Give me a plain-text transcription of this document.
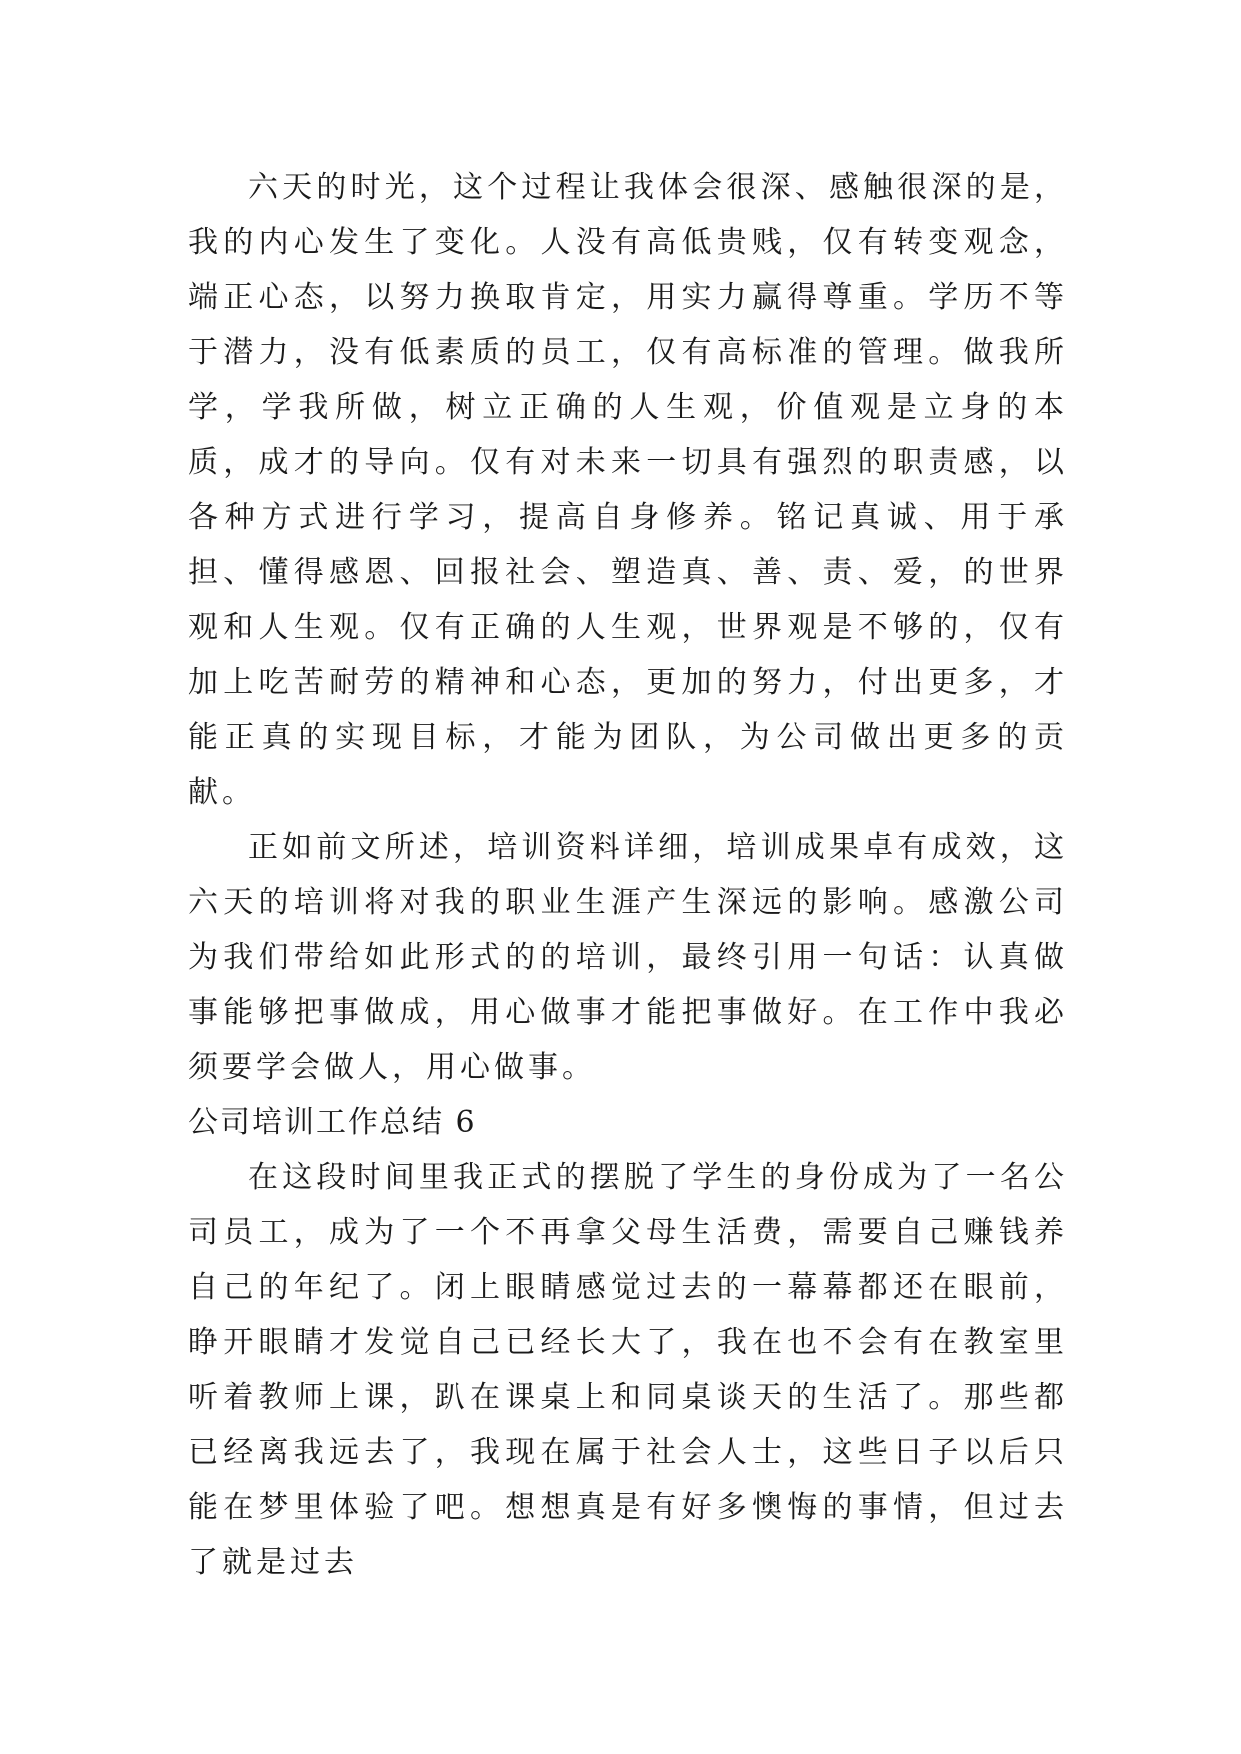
六天的时光，这个过程让我体会很深、感触很深的是，我的内心发生了变化。人没有高低贵贱，仅有转变观念，端正心态，以努力换取肯定，用实力赢得尊重。学历不等于潜力，没有低素质的员工，仅有高标准的管理。做我所学，学我所做，树立正确的人生观，价值观是立身的本质，成才的导向。仅有对未来一切具有强烈的职责感，以各种方式进行学习，提高自身修养。铭记真诚、用于承担、懂得感恩、回报社会、塑造真、善、责、爱，的世界观和人生观。仅有正确的人生观，世界观是不够的，仅有加上吃苦耐劳的精神和心态，更加的努力，付出更多，才能正真的实现目标，才能为团队，为公司做出更多的贡献。

正如前文所述，培训资料详细，培训成果卓有成效，这六天的培训将对我的职业生涯产生深远的影响。感激公司为我们带给如此形式的的培训，最终引用一句话：认真做事能够把事做成，用心做事才能把事做好。在工作中我必须要学会做人，用心做事。

公司培训工作总结 6

在这段时间里我正式的摆脱了学生的身份成为了一名公司员工，成为了一个不再拿父母生活费，需要自己赚钱养自己的年纪了。闭上眼睛感觉过去的一幕幕都还在眼前，睁开眼睛才发觉自己已经长大了，我在也不会有在教室里听着教师上课，趴在课桌上和同桌谈天的生活了。那些都已经离我远去了，我现在属于社会人士，这些日子以后只能在梦里体验了吧。想想真是有好多懊悔的事情，但过去了就是过去
